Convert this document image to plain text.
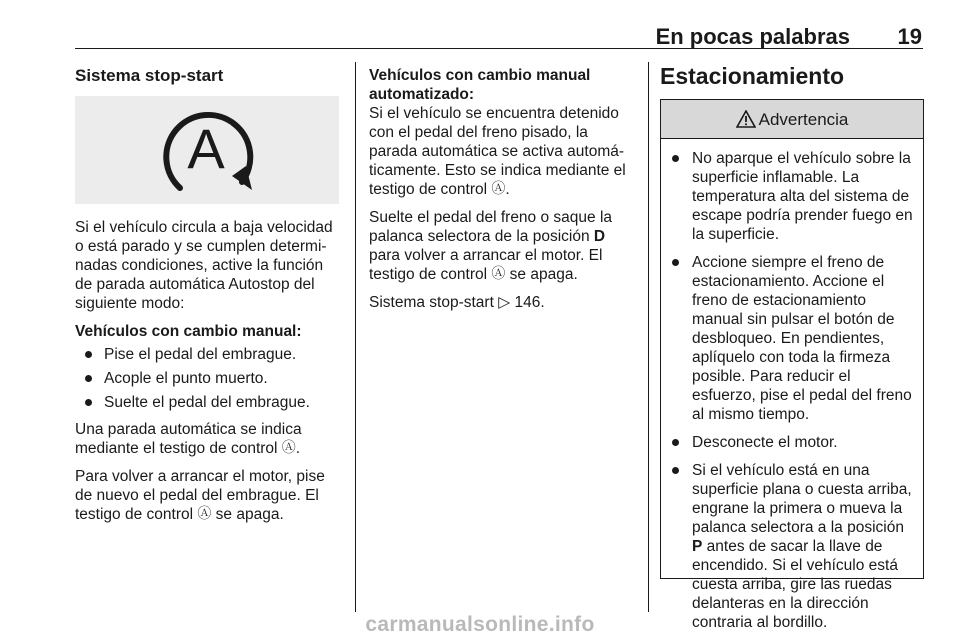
En pocas palabras 19
Sistema stop-start
A

Si el vehículo circula a baja velocidad o está parado y se cumplen determi- nadas condiciones, active la función de parada automática Autostop del siguiente modo:

Vehículos con cambio manual:

Pise el pedal del embrague.
Acople el punto muerto.
Suelte el pedal del embrague.

Una parada automática se indica mediante el testigo de control Ⓐ.

Para volver a arrancar el motor, pise de nuevo el pedal del embrague. El testigo de control Ⓐ se apaga.

Vehículos con cambio manual automatizado:

Si el vehículo se encuentra detenido con el pedal del freno pisado, la parada automática se activa automá- ticamente. Esto se indica mediante el testigo de control Ⓐ.

Suelte el pedal del freno o saque la palanca selectora de la posición D para volver a arrancar el motor. El testigo de control Ⓐ se apaga.

Sistema stop-start ▷ 146.

Estacionamiento
Advertencia
No aparque el vehículo sobre la superficie inflamable. La temperatura alta del sistema de escape podría prender fuego en la superficie.
Accione siempre el freno de estacionamiento. Accione el freno de estacionamiento manual sin pulsar el botón de desbloqueo. En pendientes, aplíquelo con toda la firmeza posible. Para reducir el esfuerzo, pise el pedal del freno al mismo tiempo.
Desconecte el motor.
Si el vehículo está en una superficie plana o cuesta arriba, engrane la primera o mueva la palanca selectora a la posición P antes de sacar la llave de encendido. Si el vehículo está cuesta arriba, gire las ruedas delanteras en la dirección contraria al bordillo.
carmanualsonline.info
